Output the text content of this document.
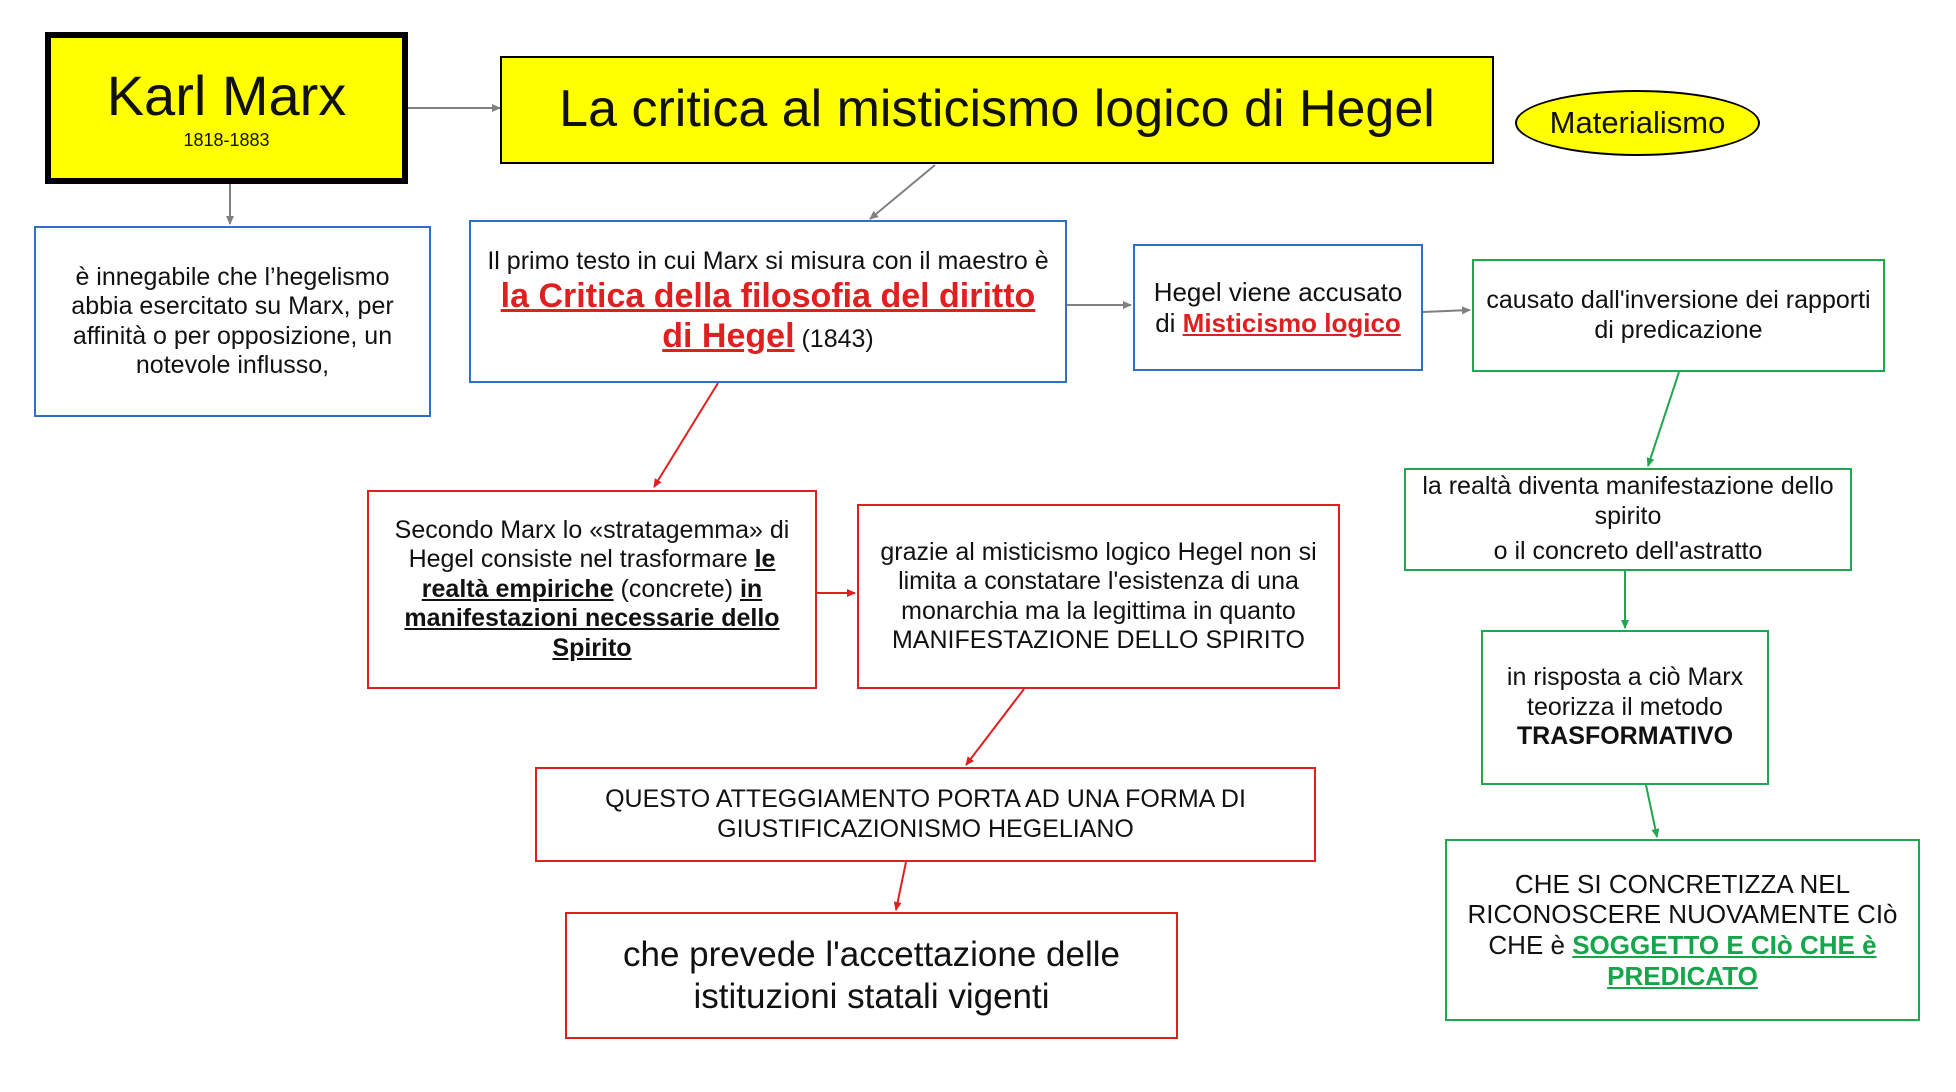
Karl Marx
1818-1883
La critica al misticismo logico di Hegel	Materialismo
è innegabile che l’hegelismo abbia esercitato su Marx, per affinità o per opposizione, un notevole influsso,
Il primo testo in cui Marx si misura con il maestro è la Critica della filosofia del diritto di Hegel (1843)
Hegel viene accusato di Misticismo logico
causato dall'inversione dei rapporti di predicazione
la realtà diventa manifestazione dello spirito
o il concreto dell'astratto
in risposta a ciò Marx teorizza il metodo
TRASFORMATIVO
CHE SI CONCRETIZZA NEL RICONOSCERE NUOVAMENTE CIò CHE è SOGGETTO E CIò CHE è PREDICATO
Secondo Marx lo «stratagemma» di Hegel consiste nel trasformare le realtà empiriche (concrete) in manifestazioni necessarie dello Spirito
grazie al misticismo logico Hegel non si limita a constatare l'esistenza di una monarchia ma la legittima in quanto MANIFESTAZIONE DELLO SPIRITO
QUESTO ATTEGGIAMENTO PORTA AD UNA FORMA DI GIUSTIFICAZIONISMO HEGELIANO
che prevede l'accettazione delle istituzioni statali vigenti
